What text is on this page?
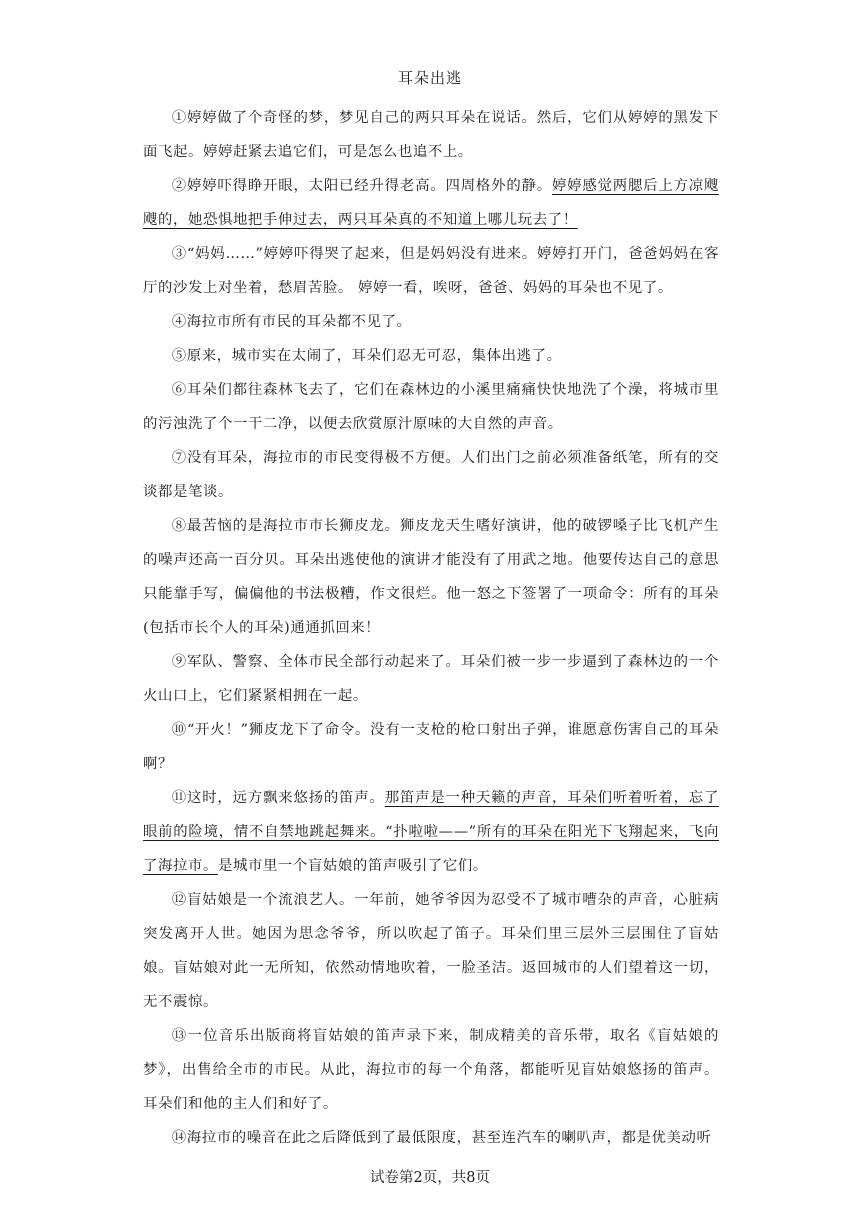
耳朵出逃

①婷婷做了个奇怪的梦，梦见自己的两只耳朵在说话。然后，它们从婷婷的黑发下面飞起。婷婷赶紧去追它们，可是怎么也追不上。

②婷婷吓得睁开眼，太阳已经升得老高。四周格外的静。婷婷感觉两腮后上方凉飕飕的，她恐惧地把手伸过去，两只耳朵真的不知道上哪儿玩去了！

③“妈妈……”婷婷吓得哭了起来，但是妈妈没有进来。婷婷打开门，爸爸妈妈在客厅的沙发上对坐着，愁眉苦脸。 婷婷一看，唉呀，爸爸、妈妈的耳朵也不见了。

④海拉市所有市民的耳朵都不见了。

⑤原来，城市实在太闹了，耳朵们忍无可忍，集体出逃了。

⑥耳朵们都往森林飞去了，它们在森林边的小溪里痛痛快快地洗了个澡，将城市里的污浊洗了个一干二净，以便去欣赏原汁原味的大自然的声音。

⑦没有耳朵，海拉市的市民变得极不方便。人们出门之前必须准备纸笔，所有的交谈都是笔谈。

⑧最苦恼的是海拉市市长狮皮龙。狮皮龙天生嗜好演讲，他的破锣嗓子比飞机产生的噪声还高一百分贝。耳朵出逃使他的演讲才能没有了用武之地。他要传达自己的意思只能靠手写，偏偏他的书法极糟，作文很烂。他一怒之下签署了一项命令：所有的耳朵(包括市长个人的耳朵)通通抓回来！

⑨军队、警察、全体市民全部行动起来了。耳朵们被一步一步逼到了森林边的一个火山口上，它们紧紧相拥在一起。

⑩“开火！”狮皮龙下了命令。没有一支枪的枪口射出子弹，谁愿意伤害自己的耳朵啊？

⑪这时，远方飘来悠扬的笛声。那笛声是一种天籁的声音，耳朵们听着听着，忘了眼前的险境，情不自禁地跳起舞来。“扑啦啦——”所有的耳朵在阳光下飞翔起来，飞向了海拉市。是城市里一个盲姑娘的笛声吸引了它们。

⑫盲姑娘是一个流浪艺人。一年前，她爷爷因为忍受不了城市嘈杂的声音，心脏病突发离开人世。她因为思念爷爷，所以吹起了笛子。耳朵们里三层外三层围住了盲姑娘。盲姑娘对此一无所知，依然动情地吹着，一脸圣洁。返回城市的人们望着这一切，无不震惊。

⑬一位音乐出版商将盲姑娘的笛声录下来，制成精美的音乐带，取名《盲姑娘的梦》，出售给全市的市民。从此，海拉市的每一个角落，都能听见盲姑娘悠扬的笛声。耳朵们和他的主人们和好了。

⑭海拉市的噪音在此之后降低到了最低限度，甚至连汽车的喇叭声，都是优美动听

试卷第2页，共8页
